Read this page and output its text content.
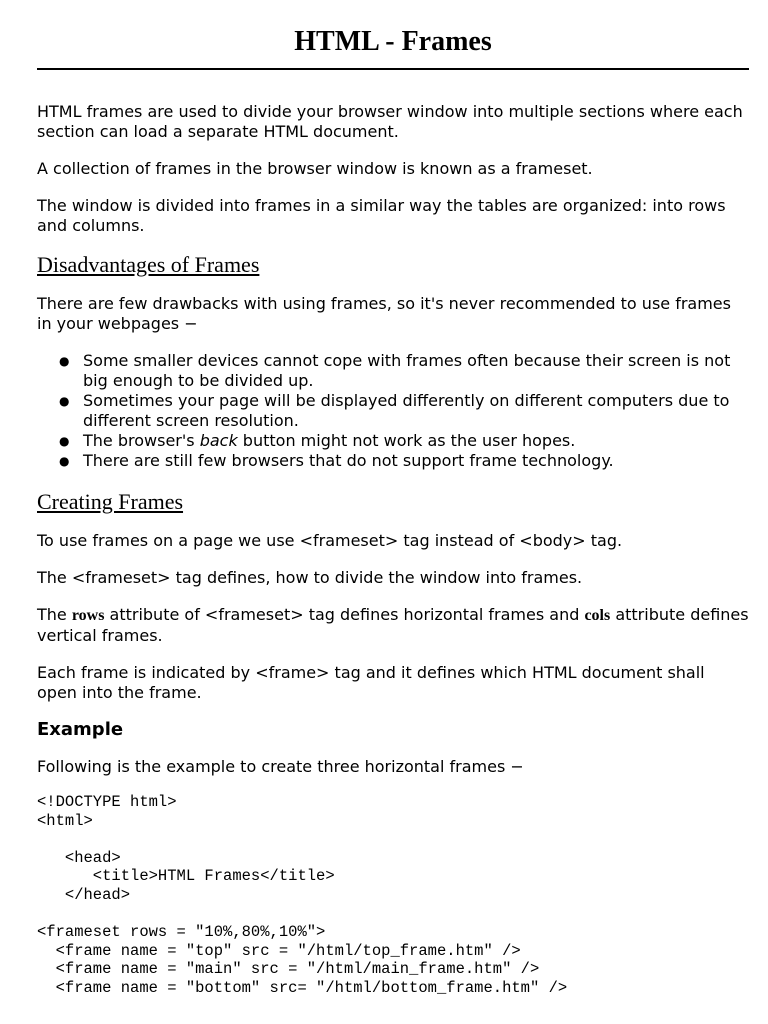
HTML - Frames

HTML frames are used to divide your browser window into multiple sections where each section can load a separate HTML document.

A collection of frames in the browser window is known as a frameset.

The window is divided into frames in a similar way the tables are organized: into rows and columns.

Disadvantages of Frames

There are few drawbacks with using frames, so it's never recommended to use frames in your webpages −

● Some smaller devices cannot cope with frames often because their screen is not big enough to be divided up.
● Sometimes your page will be displayed differently on different computers due to different screen resolution.
● The browser's back button might not work as the user hopes.
● There are still few browsers that do not support frame technology.
Creating Frames

To use frames on a page we use <frameset> tag instead of <body> tag.

The <frameset> tag defines, how to divide the window into frames.

The rows attribute of <frameset> tag defines horizontal frames and cols attribute defines vertical frames.

Each frame is indicated by <frame> tag and it defines which HTML document shall open into the frame.

Example

Following is the example to create three horizontal frames −

<!DOCTYPE html>
<html>

<head>
<title>HTML Frames</title>
</head>

<frameset rows = "10%,80%,10%">
<frame name = "top" src = "/html/top_frame.htm" />
<frame name = "main" src = "/html/main_frame.htm" />
<frame name = "bottom" src= "/html/bottom_frame.htm" />
